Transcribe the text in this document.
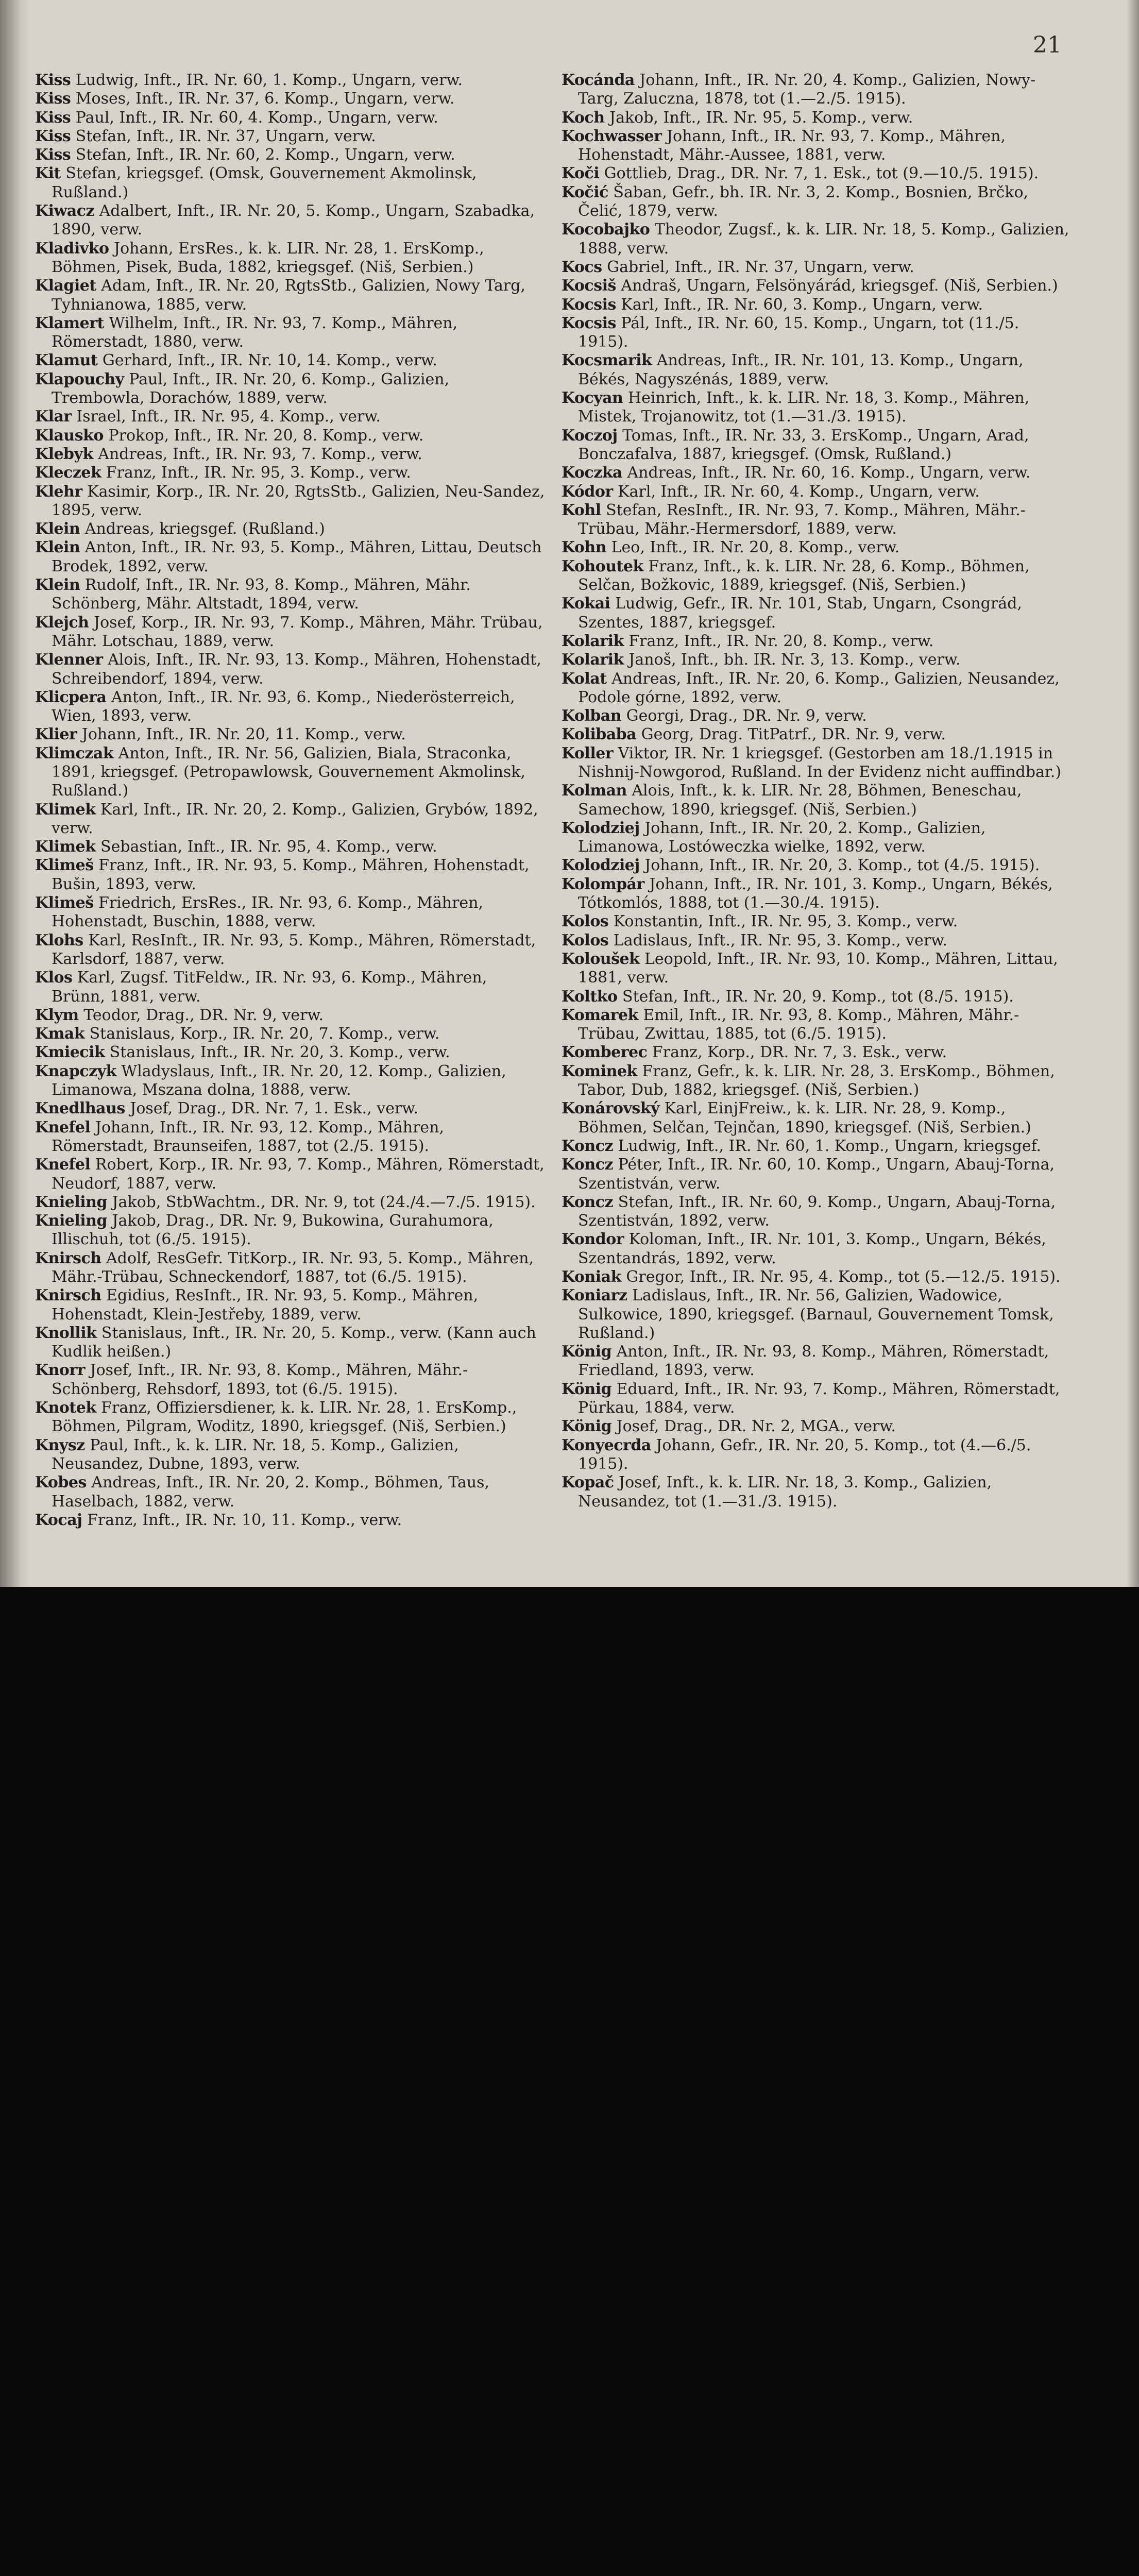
21

Kiss Ludwig, Inft., IR. Nr. 60, 1. Komp., Ungarn, verw.

Kiss Moses, Inft., IR. Nr. 37, 6. Komp., Ungarn, verw.

Kiss Paul, Inft., IR. Nr. 60, 4. Komp., Ungarn, verw.

Kiss Stefan, Inft., IR. Nr. 37, Ungarn, verw.

Kiss Stefan, Inft., IR. Nr. 60, 2. Komp., Ungarn, verw.

Kit Stefan, kriegsgef. (Omsk, Gouvernement Akmolinsk, Rußland.)

Kiwacz Adalbert, Inft., IR. Nr. 20, 5. Komp., Ungarn, Szabadka, 1890, verw.

Kladivko Johann, ErsRes., k. k. LIR. Nr. 28, 1. ErsKomp., Böhmen, Pisek, Buda, 1882, kriegsgef. (Niš, Serbien.)

Klagiet Adam, Inft., IR. Nr. 20, RgtsStb., Galizien, Nowy Targ, Tyhnianowa, 1885, verw.

Klamert Wilhelm, Inft., IR. Nr. 93, 7. Komp., Mähren, Römerstadt, 1880, verw.

Klamut Gerhard, Inft., IR. Nr. 10, 14. Komp., verw.

Klapouchy Paul, Inft., IR. Nr. 20, 6. Komp., Galizien, Trembowla, Dorachów, 1889, verw.

Klar Israel, Inft., IR. Nr. 95, 4. Komp., verw.

Klausko Prokop, Inft., IR. Nr. 20, 8. Komp., verw.

Klebyk Andreas, Inft., IR. Nr. 93, 7. Komp., verw.

Kleczek Franz, Inft., IR. Nr. 95, 3. Komp., verw.

Klehr Kasimir, Korp., IR. Nr. 20, RgtsStb., Galizien, Neu-Sandez, 1895, verw.

Klein Andreas, kriegsgef. (Rußland.)

Klein Anton, Inft., IR. Nr. 93, 5. Komp., Mähren, Littau, Deutsch Brodek, 1892, verw.

Klein Rudolf, Inft., IR. Nr. 93, 8. Komp., Mähren, Mähr. Schönberg, Mähr. Altstadt, 1894, verw.

Klejch Josef, Korp., IR. Nr. 93, 7. Komp., Mähren, Mähr. Trübau, Mähr. Lotschau, 1889, verw.

Klenner Alois, Inft., IR. Nr. 93, 13. Komp., Mähren, Hohenstadt, Schreibendorf, 1894, verw.

Klicpera Anton, Inft., IR. Nr. 93, 6. Komp., Niederösterreich, Wien, 1893, verw.

Klier Johann, Inft., IR. Nr. 20, 11. Komp., verw.

Klimczak Anton, Inft., IR. Nr. 56, Galizien, Biala, Straconka, 1891, kriegsgef. (Petropawlowsk, Gouvernement Akmolinsk, Rußland.)

Klimek Karl, Inft., IR. Nr. 20, 2. Komp., Galizien, Grybów, 1892, verw.

Klimek Sebastian, Inft., IR. Nr. 95, 4. Komp., verw.

Klimeš Franz, Inft., IR. Nr. 93, 5. Komp., Mähren, Hohenstadt, Bušin, 1893, verw.

Klimeš Friedrich, ErsRes., IR. Nr. 93, 6. Komp., Mähren, Hohenstadt, Buschin, 1888, verw.

Klohs Karl, ResInft., IR. Nr. 93, 5. Komp., Mähren, Römerstadt, Karlsdorf, 1887, verw.

Klos Karl, Zugsf. TitFeldw., IR. Nr. 93, 6. Komp., Mähren, Brünn, 1881, verw.

Klym Teodor, Drag., DR. Nr. 9, verw.

Kmak Stanislaus, Korp., IR. Nr. 20, 7. Komp., verw.

Kmiecik Stanislaus, Inft., IR. Nr. 20, 3. Komp., verw.

Knapczyk Wladyslaus, Inft., IR. Nr. 20, 12. Komp., Galizien, Limanowa, Mszana dolna, 1888, verw.

Knedlhaus Josef, Drag., DR. Nr. 7, 1. Esk., verw.

Knefel Johann, Inft., IR. Nr. 93, 12. Komp., Mähren, Römerstadt, Braunseifen, 1887, tot (2./5. 1915).

Knefel Robert, Korp., IR. Nr. 93, 7. Komp., Mähren, Römerstadt, Neudorf, 1887, verw.

Knieling Jakob, StbWachtm., DR. Nr. 9, tot (24./4.—7./5. 1915).

Knieling Jakob, Drag., DR. Nr. 9, Bukowina, Gurahumora, Illischuh, tot (6./5. 1915).

Knirsch Adolf, ResGefr. TitKorp., IR. Nr. 93, 5. Komp., Mähren, Mähr.-Trübau, Schneckendorf, 1887, tot (6./5. 1915).

Knirsch Egidius, ResInft., IR. Nr. 93, 5. Komp., Mähren, Hohenstadt, Klein-Jestřeby, 1889, verw.

Knollik Stanislaus, Inft., IR. Nr. 20, 5. Komp., verw. (Kann auch Kudlik heißen.)

Knorr Josef, Inft., IR. Nr. 93, 8. Komp., Mähren, Mähr.-Schönberg, Rehsdorf, 1893, tot (6./5. 1915).

Knotek Franz, Offiziersdiener, k. k. LIR. Nr. 28, 1. ErsKomp., Böhmen, Pilgram, Woditz, 1890, kriegsgef. (Niš, Serbien.)

Knysz Paul, Inft., k. k. LIR. Nr. 18, 5. Komp., Galizien, Neusandez, Dubne, 1893, verw.

Kobes Andreas, Inft., IR. Nr. 20, 2. Komp., Böhmen, Taus, Haselbach, 1882, verw.

Kocaj Franz, Inft., IR. Nr. 10, 11. Komp., verw.

Kocánda Johann, Inft., IR. Nr. 20, 4. Komp., Galizien, Nowy-Targ, Zaluczna, 1878, tot (1.—2./5. 1915).

Koch Jakob, Inft., IR. Nr. 95, 5. Komp., verw.

Kochwasser Johann, Inft., IR. Nr. 93, 7. Komp., Mähren, Hohenstadt, Mähr.-Aussee, 1881, verw.

Koči Gottlieb, Drag., DR. Nr. 7, 1. Esk., tot (9.—10./5. 1915).

Kočić Šaban, Gefr., bh. IR. Nr. 3, 2. Komp., Bosnien, Brčko, Čelić, 1879, verw.

Kocobajko Theodor, Zugsf., k. k. LIR. Nr. 18, 5. Komp., Galizien, 1888, verw.

Kocs Gabriel, Inft., IR. Nr. 37, Ungarn, verw.

Kocsiš Andraš, Ungarn, Felsönyárád, kriegsgef. (Niš, Serbien.)

Kocsis Karl, Inft., IR. Nr. 60, 3. Komp., Ungarn, verw.

Kocsis Pál, Inft., IR. Nr. 60, 15. Komp., Ungarn, tot (11./5. 1915).

Kocsmarik Andreas, Inft., IR. Nr. 101, 13. Komp., Ungarn, Békés, Nagyszénás, 1889, verw.

Kocyan Heinrich, Inft., k. k. LIR. Nr. 18, 3. Komp., Mähren, Mistek, Trojanowitz, tot (1.—31./3. 1915).

Koczoj Tomas, Inft., IR. Nr. 33, 3. ErsKomp., Ungarn, Arad, Bonczafalva, 1887, kriegsgef. (Omsk, Rußland.)

Koczka Andreas, Inft., IR. Nr. 60, 16. Komp., Ungarn, verw.

Kódor Karl, Inft., IR. Nr. 60, 4. Komp., Ungarn, verw.

Kohl Stefan, ResInft., IR. Nr. 93, 7. Komp., Mähren, Mähr.-Trübau, Mähr.-Hermersdorf, 1889, verw.

Kohn Leo, Inft., IR. Nr. 20, 8. Komp., verw.

Kohoutek Franz, Inft., k. k. LIR. Nr. 28, 6. Komp., Böhmen, Selčan, Božkovic, 1889, kriegsgef. (Niš, Serbien.)

Kokai Ludwig, Gefr., IR. Nr. 101, Stab, Ungarn, Csongrád, Szentes, 1887, kriegsgef.

Kolarik Franz, Inft., IR. Nr. 20, 8. Komp., verw.

Kolarik Janoš, Inft., bh. IR. Nr. 3, 13. Komp., verw.

Kolat Andreas, Inft., IR. Nr. 20, 6. Komp., Galizien, Neusandez, Podole górne, 1892, verw.

Kolban Georgi, Drag., DR. Nr. 9, verw.

Kolibaba Georg, Drag. TitPatrf., DR. Nr. 9, verw.

Koller Viktor, IR. Nr. 1 kriegsgef. (Gestorben am 18./1.1915 in Nishnij-Nowgorod, Rußland. In der Evidenz nicht auffindbar.)

Kolman Alois, Inft., k. k. LIR. Nr. 28, Böhmen, Beneschau, Samechow, 1890, kriegsgef. (Niš, Serbien.)

Kolodziej Johann, Inft., IR. Nr. 20, 2. Komp., Galizien, Limanowa, Lostóweczka wielke, 1892, verw.

Kolodziej Johann, Inft., IR. Nr. 20, 3. Komp., tot (4./5. 1915).

Kolompár Johann, Inft., IR. Nr. 101, 3. Komp., Ungarn, Békés, Tótkomlós, 1888, tot (1.—30./4. 1915).

Kolos Konstantin, Inft., IR. Nr. 95, 3. Komp., verw.

Kolos Ladislaus, Inft., IR. Nr. 95, 3. Komp., verw.

Koloušek Leopold, Inft., IR. Nr. 93, 10. Komp., Mähren, Littau, 1881, verw.

Koltko Stefan, Inft., IR. Nr. 20, 9. Komp., tot (8./5. 1915).

Komarek Emil, Inft., IR. Nr. 93, 8. Komp., Mähren, Mähr.-Trübau, Zwittau, 1885, tot (6./5. 1915).

Komberec Franz, Korp., DR. Nr. 7, 3. Esk., verw.

Kominek Franz, Gefr., k. k. LIR. Nr. 28, 3. ErsKomp., Böhmen, Tabor, Dub, 1882, kriegsgef. (Niš, Serbien.)

Konárovský Karl, EinjFreiw., k. k. LIR. Nr. 28, 9. Komp., Böhmen, Selčan, Tejnčan, 1890, kriegsgef. (Niš, Serbien.)

Koncz Ludwig, Inft., IR. Nr. 60, 1. Komp., Ungarn, kriegsgef.

Koncz Péter, Inft., IR. Nr. 60, 10. Komp., Ungarn, Abauj-Torna, Szentistván, verw.

Koncz Stefan, Inft., IR. Nr. 60, 9. Komp., Ungarn, Abauj-Torna, Szentistván, 1892, verw.

Kondor Koloman, Inft., IR. Nr. 101, 3. Komp., Ungarn, Békés, Szentandrás, 1892, verw.

Koniak Gregor, Inft., IR. Nr. 95, 4. Komp., tot (5.—12./5. 1915).

Koniarz Ladislaus, Inft., IR. Nr. 56, Galizien, Wadowice, Sulkowice, 1890, kriegsgef. (Barnaul, Gouvernement Tomsk, Rußland.)

König Anton, Inft., IR. Nr. 93, 8. Komp., Mähren, Römerstadt, Friedland, 1893, verw.

König Eduard, Inft., IR. Nr. 93, 7. Komp., Mähren, Römerstadt, Pürkau, 1884, verw.

König Josef, Drag., DR. Nr. 2, MGA., verw.

Konyecrda Johann, Gefr., IR. Nr. 20, 5. Komp., tot (4.—6./5. 1915).

Kopač Josef, Inft., k. k. LIR. Nr. 18, 3. Komp., Galizien, Neusandez, tot (1.—31./3. 1915).
